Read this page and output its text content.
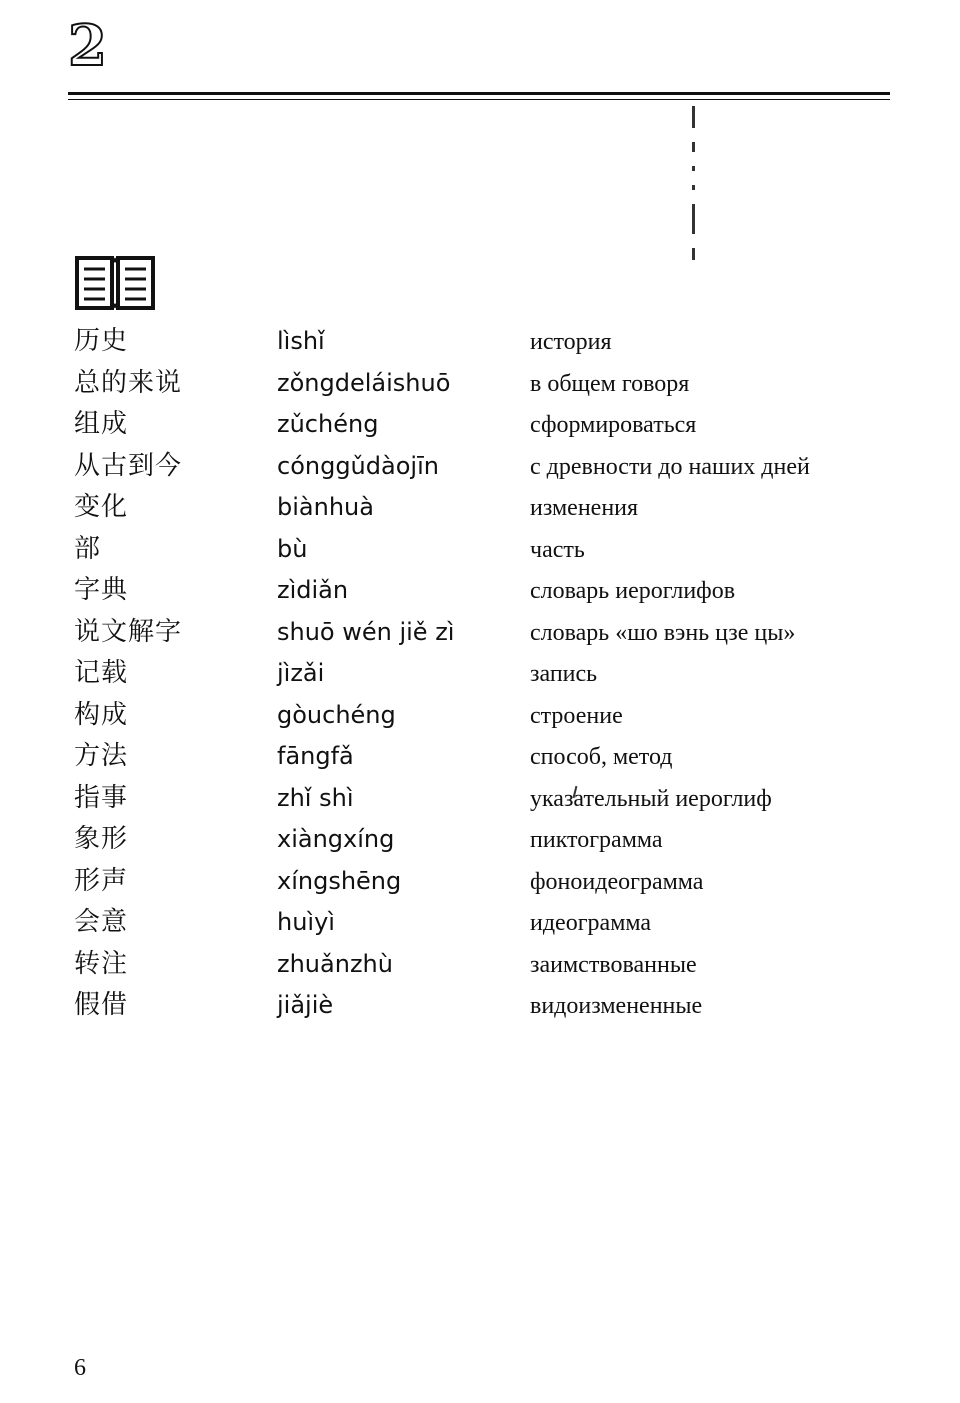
2
历史	lìshǐ	история
总的来说	zǒngdeláishuō	в общем говоря
组成	zǔchéng	сформироваться
从古到今	cónggǔdàojīn	с древности до наших дней
变化	biànhuà	изменения
部	bù	часть
字典	zìdiǎn	словарь иероглифов
说文解字	shuō wén jiě zì	словарь «шо вэнь цзе цы»
记载	jìzǎi	запись
构成	gòuchéng	строение
方法	fāngfǎ	способ, метод
指事	zhǐ shì	указательный иероглиф
象形	xiàngxíng	пиктограмма
形声	xíngshēng	фоноидеограмма
会意	huìyì	идеограмма
转注	zhuǎnzhù	заимствованные
假借	jiǎjiè	видоизмененные
6
